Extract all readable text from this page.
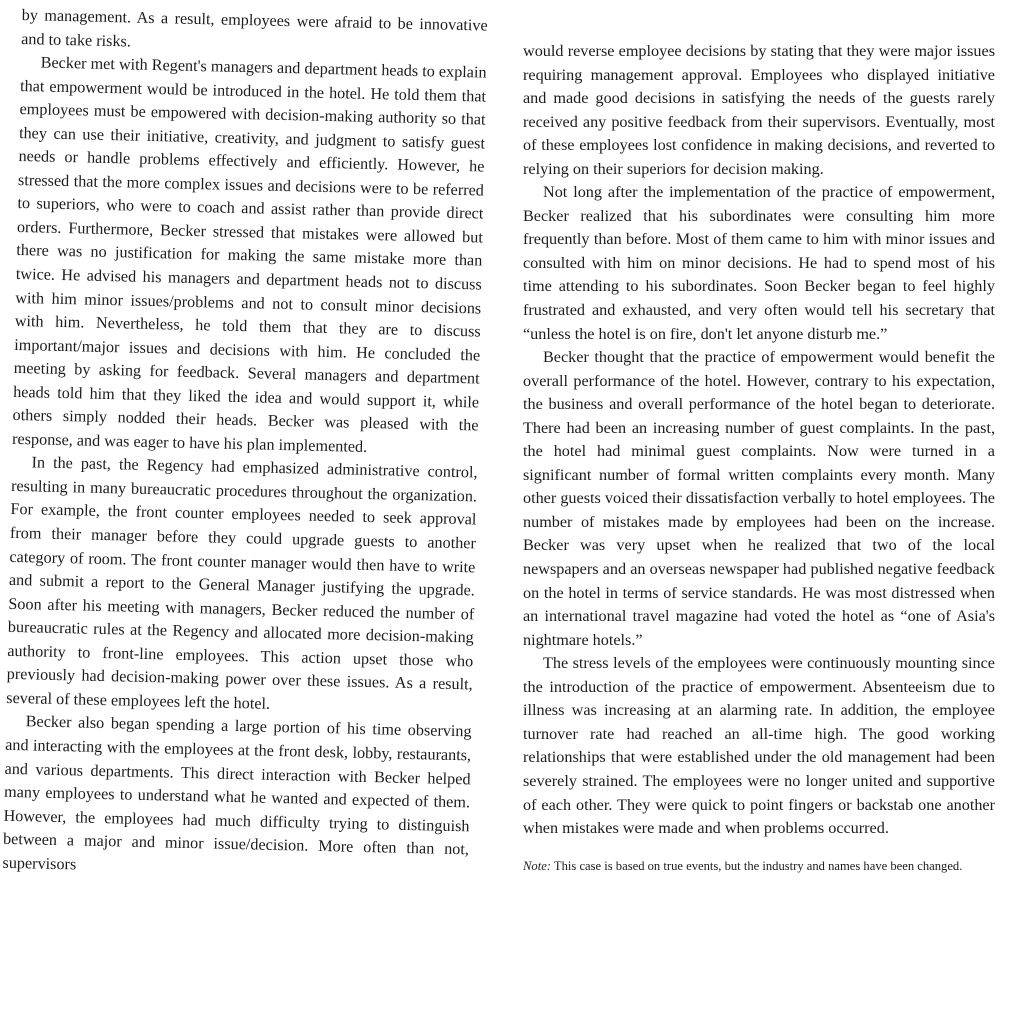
by management. As a result, employees were afraid to be innovative and to take risks.

Becker met with Regent's managers and department heads to explain that empowerment would be introduced in the hotel. He told them that employees must be empowered with decision-making authority so that they can use their initiative, creativity, and judgment to satisfy guest needs or handle problems effectively and efficiently. However, he stressed that the more complex issues and decisions were to be referred to superiors, who were to coach and assist rather than provide direct orders. Furthermore, Becker stressed that mistakes were allowed but there was no justification for making the same mistake more than twice. He advised his managers and department heads not to discuss with him minor issues/problems and not to consult minor decisions with him. Nevertheless, he told them that they are to discuss important/major issues and decisions with him. He concluded the meeting by asking for feedback. Several managers and department heads told him that they liked the idea and would support it, while others simply nodded their heads. Becker was pleased with the response, and was eager to have his plan implemented.

In the past, the Regency had emphasized administrative control, resulting in many bureaucratic procedures throughout the organization. For example, the front counter employees needed to seek approval from their manager before they could upgrade guests to another category of room. The front counter manager would then have to write and submit a report to the General Manager justifying the upgrade. Soon after his meeting with managers, Becker reduced the number of bureaucratic rules at the Regency and allocated more decision-making authority to front-line employees. This action upset those who previously had decision-making power over these issues. As a result, several of these employees left the hotel.

Becker also began spending a large portion of his time observing and interacting with the employees at the front desk, lobby, restaurants, and various departments. This direct interaction with Becker helped many employees to understand what he wanted and expected of them. However, the employees had much difficulty trying to distinguish between a major and minor issue/decision. More often than not, supervisors

would reverse employee decisions by stating that they were major issues requiring management approval. Employees who displayed initiative and made good decisions in satisfying the needs of the guests rarely received any positive feedback from their supervisors. Eventually, most of these employees lost confidence in making decisions, and reverted to relying on their superiors for decision making.

Not long after the implementation of the practice of empowerment, Becker realized that his subordinates were consulting him more frequently than before. Most of them came to him with minor issues and consulted with him on minor decisions. He had to spend most of his time attending to his subordinates. Soon Becker began to feel highly frustrated and exhausted, and very often would tell his secretary that “unless the hotel is on fire, don't let anyone disturb me.”

Becker thought that the practice of empowerment would benefit the overall performance of the hotel. However, contrary to his expectation, the business and overall performance of the hotel began to deteriorate. There had been an increasing number of guest complaints. In the past, the hotel had minimal guest complaints. Now were turned in a significant number of formal written complaints every month. Many other guests voiced their dissatisfaction verbally to hotel employees. The number of mistakes made by employees had been on the increase. Becker was very upset when he realized that two of the local newspapers and an overseas newspaper had published negative feedback on the hotel in terms of service standards. He was most distressed when an international travel magazine had voted the hotel as “one of Asia's nightmare hotels.”

The stress levels of the employees were continuously mounting since the introduction of the practice of empowerment. Absenteeism due to illness was increasing at an alarming rate. In addition, the employee turnover rate had reached an all-time high. The good working relationships that were established under the old management had been severely strained. The employees were no longer united and supportive of each other. They were quick to point fingers or backstab one another when mistakes were made and when problems occurred.

Note: This case is based on true events, but the industry and names have been changed.
